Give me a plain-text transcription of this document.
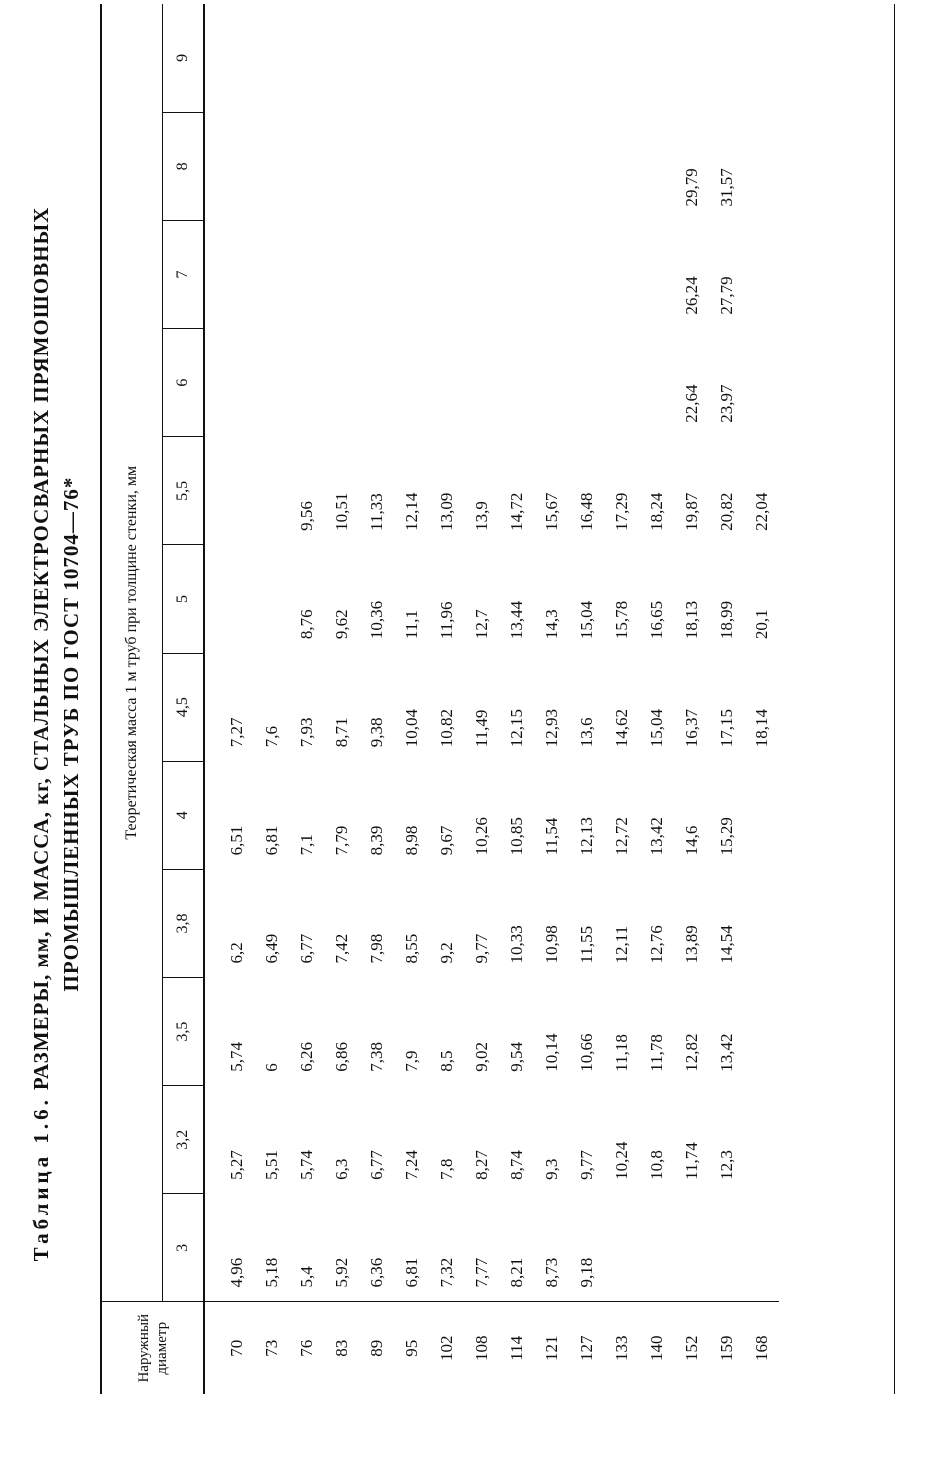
Таблица 1.6.РАЗМЕРЫ, мм, И МАССА, кг, СТАЛЬНЫХ ЭЛЕКТРОСВАРНЫХ ПРЯМОШОВНЫХ ПРОМЫШЛЕННЫХ ТРУБ ПО ГОСТ 10704—76*
Наружный диаметр	Теоретическая масса 1 м труб при толщине стенки, мм											
	3	3,2	3,5	3,8	4	4,5	5	5,5	6	7	8	9
70	4,96	5,27	5,74	6,2	6,51	7,27						
73	5,18	5,51	6	6,49	6,81	7,6						
76	5,4	5,74	6,26	6,77	7,1	7,93	8,76	9,56				
83	5,92	6,3	6,86	7,42	7,79	8,71	9,62	10,51				
89	6,36	6,77	7,38	7,98	8,39	9,38	10,36	11,33				
95	6,81	7,24	7,9	8,55	8,98	10,04	11,1	12,14				
102	7,32	7,8	8,5	9,2	9,67	10,82	11,96	13,09				
108	7,77	8,27	9,02	9,77	10,26	11,49	12,7	13,9				
114	8,21	8,74	9,54	10,33	10,85	12,15	13,44	14,72				
121	8,73	9,3	10,14	10,98	11,54	12,93	14,3	15,67				
127	9,18	9,77	10,66	11,55	12,13	13,6	15,04	16,48				
133		10,24	11,18	12,11	12,72	14,62	15,78	17,29				
140		10,8	11,78	12,76	13,42	15,04	16,65	18,24				
152		11,74	12,82	13,89	14,6	16,37	18,13	19,87	22,64	26,24	29,79	
159		12,3	13,42	14,54	15,29	17,15	18,99	20,82	23,97	27,79	31,57	
168						18,14	20,1	22,04				
